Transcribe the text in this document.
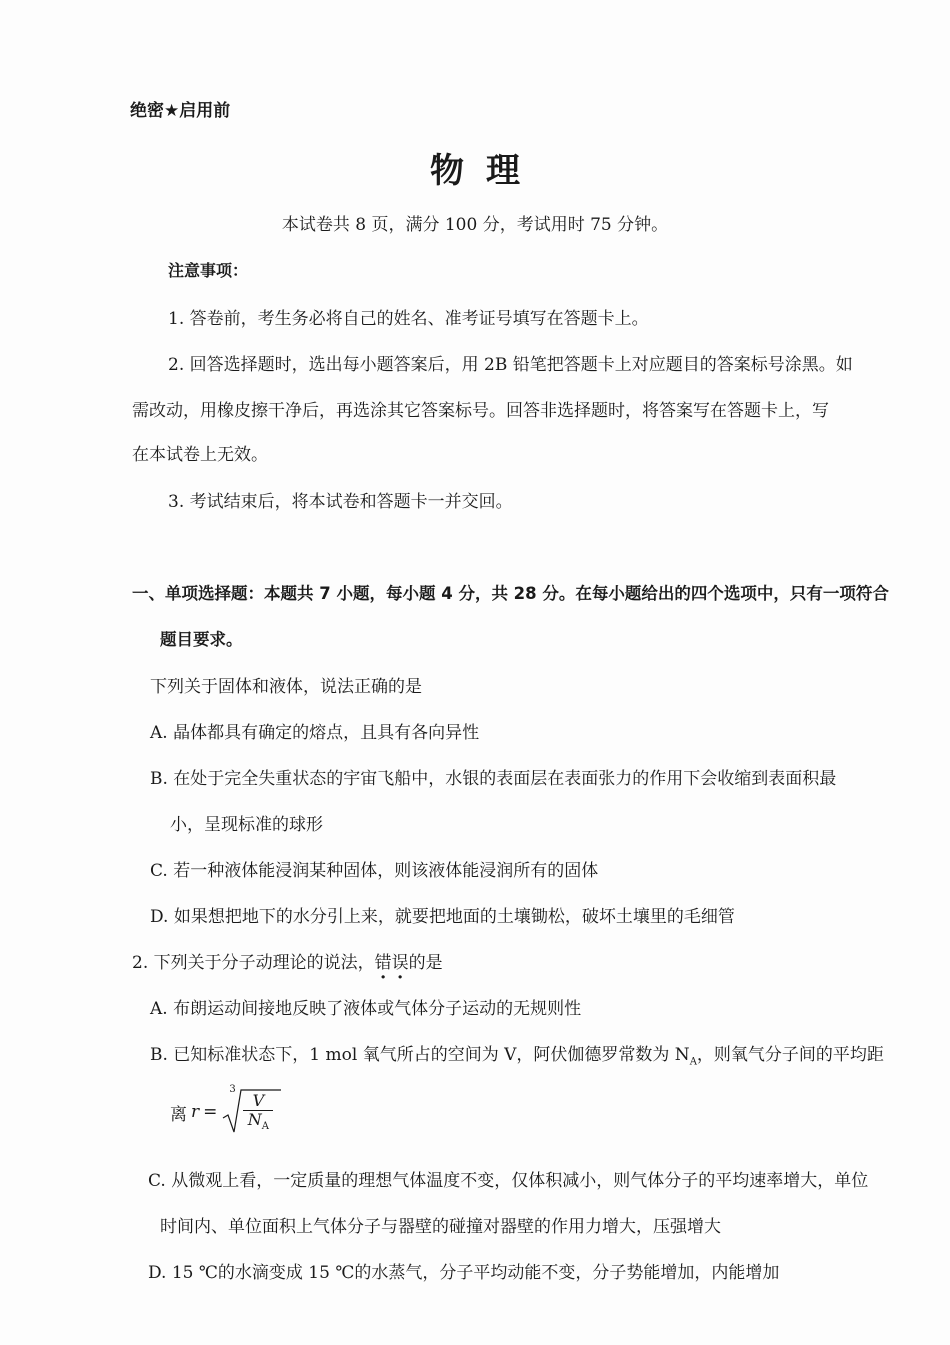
绝密★启用前
物理
本试卷共 8 页，满分 100 分，考试用时 75 分钟。
注意事项：
1. 答卷前，考生务必将自己的姓名、准考证号填写在答题卡上。
2. 回答选择题时，选出每小题答案后，用 2B 铅笔把答题卡上对应题目的答案标号涂黑。如
需改动，用橡皮擦干净后，再选涂其它答案标号。回答非选择题时，将答案写在答题卡上，写
在本试卷上无效。
3. 考试结束后，将本试卷和答题卡一并交回。
一、单项选择题：本题共 7 小题，每小题 4 分，共 28 分。在每小题给出的四个选项中，只有一项符合
题目要求。
下列关于固体和液体，说法正确的是
A. 晶体都具有确定的熔点，且具有各向异性
B. 在处于完全失重状态的宇宙飞船中，水银的表面层在表面张力的作用下会收缩到表面积最
小，呈现标准的球形
C. 若一种液体能浸润某种固体，则该液体能浸润所有的固体
D. 如果想把地下的水分引上来，就要把地面的土壤锄松，破坏土壤里的毛细管
2. 下列关于分子动理论的说法，错误的是
A. 布朗运动间接地反映了液体或气体分子运动的无规则性
B. 已知标准状态下，1 mol 氧气所占的空间为 V，阿伏伽德罗常数为 $N_A$，则氧气分子间的平均距
离 r =
3
$\frac{V}{N_A}$
C. 从微观上看，一定质量的理想气体温度不变，仅体积减小，则气体分子的平均速率增大，单位
时间内、单位面积上气体分子与器壁的碰撞对器壁的作用力增大，压强增大
D. 15 ℃的水滴变成 15 ℃的水蒸气，分子平均动能不变，分子势能增加，内能增加
